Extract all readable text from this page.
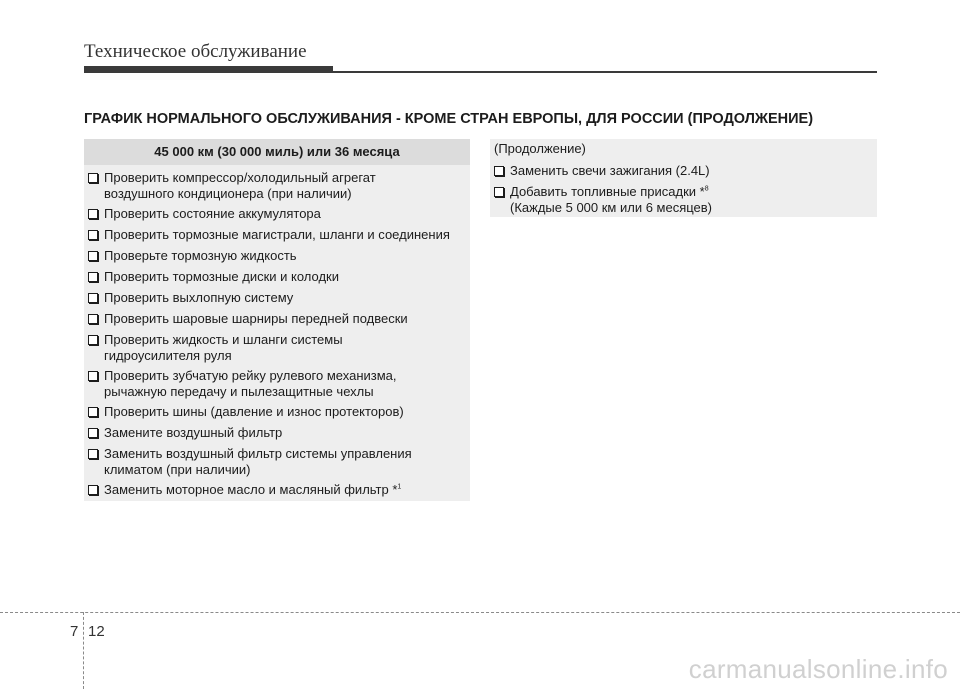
Техническое обслуживание
ГРАФИК НОРМАЛЬНОГО ОБСЛУЖИВАНИЯ - КРОМЕ СТРАН ЕВРОПЫ, ДЛЯ РОССИИ (ПРОДОЛЖЕНИЕ)
45 000 км (30 000 миль) или 36 месяца
Проверить компрессор/холодильный агрегат
воздушного кондиционера (при наличии)
Проверить состояние аккумулятора
Проверить тормозные магистрали, шланги и соединения
Проверьте тормозную жидкость
Проверить тормозные диски и колодки
Проверить выхлопную систему
Проверить шаровые шарниры передней подвески
Проверить жидкость и шланги системы
гидроусилителя руля
Проверить зубчатую рейку рулевого механизма,
рычажную передачу и пылезащитные чехлы
Проверить шины (давление и износ протекторов)
Замените воздушный фильтр
Заменить воздушный фильтр системы управления
климатом (при наличии)
Заменить моторное масло и масляный фильтр *$^1$
(Продолжение)
Заменить свечи зажигания (2.4L)
Добавить топливные присадки *$^8$
(Каждые 5 000 км или 6 месяцев)
7 12
carmanualsonline.info
